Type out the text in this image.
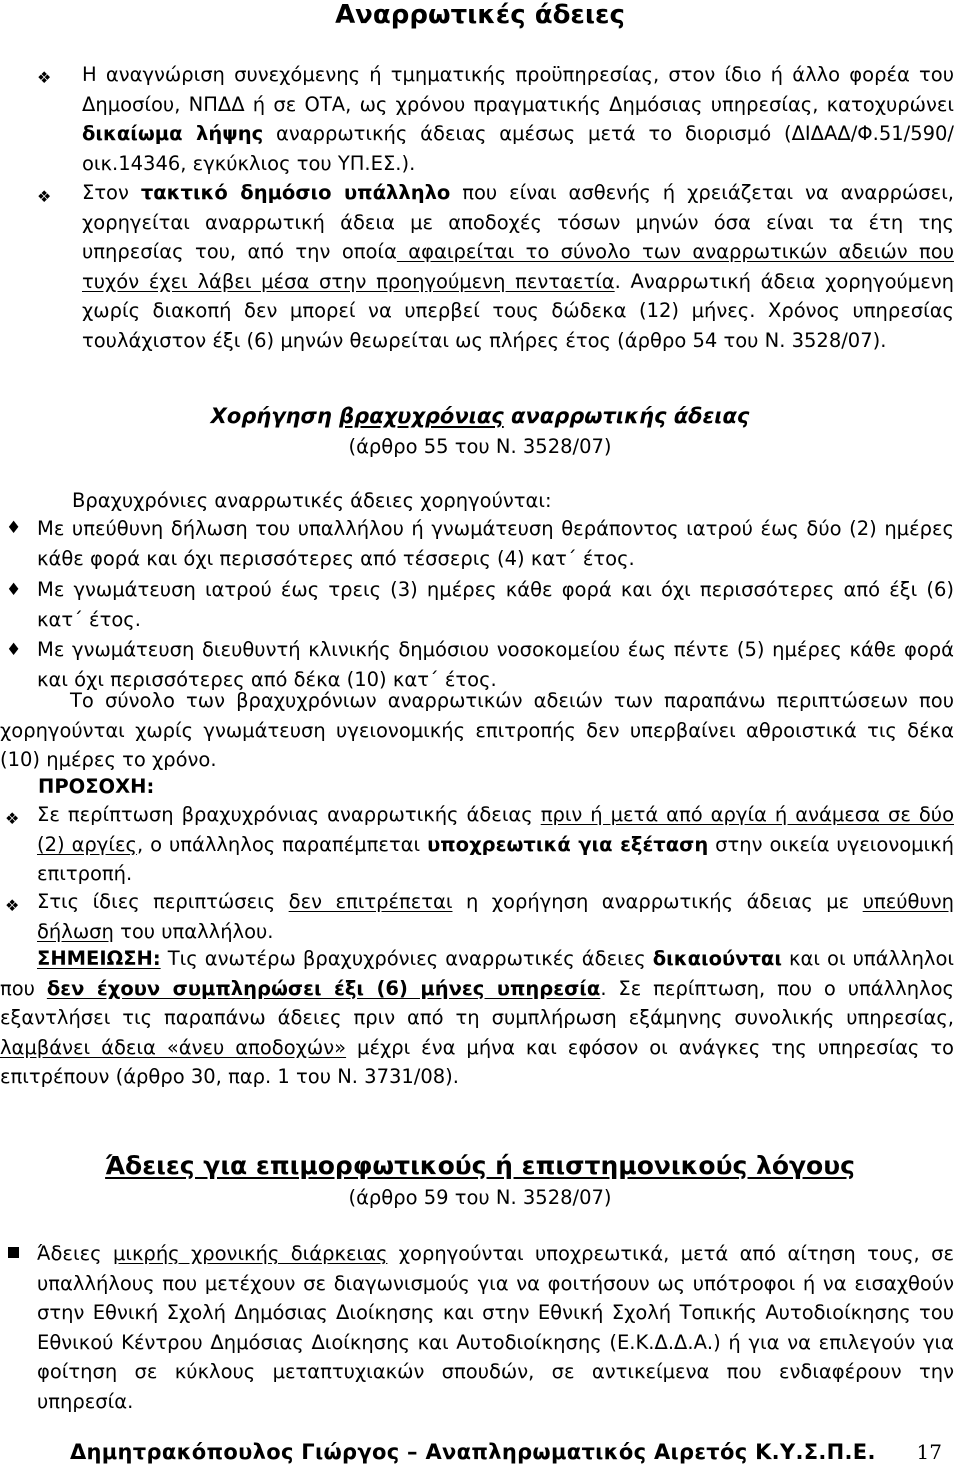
Αναρρωτικές άδειες
❖ Η αναγνώριση συνεχόμενης ή τμηματικής προϋπηρεσίας, στον ίδιο ή άλλο φορέα του Δημοσίου, ΝΠΔΔ ή σε ΟΤΑ, ως χρόνου πραγματικής Δημόσιας υπηρεσίας, κατοχυρώνει δικαίωμα λήψης αναρρωτικής άδειας αμέσως μετά το διορισμό (ΔΙΔΑΔ/Φ.51/590/οικ.14346, εγκύκλιος του ΥΠ.ΕΣ.).
❖ Στον τακτικό δημόσιο υπάλληλο που είναι ασθενής ή χρειάζεται να αναρρώσει, χορηγείται αναρρωτική άδεια με αποδοχές τόσων μηνών όσα είναι τα έτη της υπηρεσίας του, από την οποία αφαιρείται το σύνολο των αναρρωτικών αδειών που τυχόν έχει λάβει μέσα στην προηγούμενη πενταετία. Αναρρωτική άδεια χορηγούμενη χωρίς διακοπή δεν μπορεί να υπερβεί τους δώδεκα (12) μήνες. Χρόνος υπηρεσίας τουλάχιστον έξι (6) μηνών θεωρείται ως πλήρες έτος (άρθρο 54 του Ν. 3528/07).
Χορήγηση βραχυχρόνιας αναρρωτικής άδειας
(άρθρο 55 του Ν. 3528/07)
Βραχυχρόνιες αναρρωτικές άδειες χορηγούνται:
♦ Με υπεύθυνη δήλωση του υπαλλήλου ή γνωμάτευση θεράποντος ιατρού έως δύο (2) ημέρες κάθε φορά και όχι περισσότερες από τέσσερις (4) κατ΄ έτος.
♦ Με γνωμάτευση ιατρού έως τρεις (3) ημέρες κάθε φορά και όχι περισσότερες από έξι (6) κατ΄ έτος.
♦ Με γνωμάτευση διευθυντή κλινικής δημόσιου νοσοκομείου έως πέντε (5) ημέρες κάθε φορά και όχι περισσότερες από δέκα (10) κατ΄ έτος.
Το σύνολο των βραχυχρόνιων αναρρωτικών αδειών των παραπάνω περιπτώσεων που χορηγούνται χωρίς γνωμάτευση υγειονομικής επιτροπής δεν υπερβαίνει αθροιστικά τις δέκα (10) ημέρες το χρόνο.
ΠΡΟΣΟΧΗ:
❖ Σε περίπτωση βραχυχρόνιας αναρρωτικής άδειας πριν ή μετά από αργία ή ανάμεσα σε δύο (2) αργίες, ο υπάλληλος παραπέμπεται υποχρεωτικά για εξέταση στην οικεία υγειονομική επιτροπή.
❖ Στις ίδιες περιπτώσεις δεν επιτρέπεται η χορήγηση αναρρωτικής άδειας με υπεύθυνη δήλωση του υπαλλήλου.
ΣΗΜΕΙΩΣΗ: Τις ανωτέρω βραχυχρόνιες αναρρωτικές άδειες δικαιούνται και οι υπάλληλοι που δεν έχουν συμπληρώσει έξι (6) μήνες υπηρεσία. Σε περίπτωση, που ο υπάλληλος εξαντλήσει τις παραπάνω άδειες πριν από τη συμπλήρωση εξάμηνης συνολικής υπηρεσίας, λαμβάνει άδεια «άνευ αποδοχών» μέχρι ένα μήνα και εφόσον οι ανάγκες της υπηρεσίας το επιτρέπουν (άρθρο 30, παρ. 1 του Ν. 3731/08).
Άδειες για επιμορφωτικούς ή επιστημονικούς λόγους
(άρθρο 59 του Ν. 3528/07)
Άδειες μικρής χρονικής διάρκειας χορηγούνται υποχρεωτικά, μετά από αίτηση τους, σε υπαλλήλους που μετέχουν σε διαγωνισμούς για να φοιτήσουν ως υπότροφοι ή να εισαχθούν στην Εθνική Σχολή Δημόσιας Διοίκησης και στην Εθνική Σχολή Τοπικής Αυτοδιοίκησης του Εθνικού Κέντρου Δημόσιας Διοίκησης και Αυτοδιοίκησης (Ε.Κ.Δ.Δ.Α.) ή για να επιλεγούν για φοίτηση σε κύκλους μεταπτυχιακών σπουδών, σε αντικείμενα που ενδιαφέρουν την υπηρεσία.
Δημητρακόπουλος Γιώργος – Αναπληρωματικός Αιρετός Κ.Υ.Σ.Π.Ε. 17
